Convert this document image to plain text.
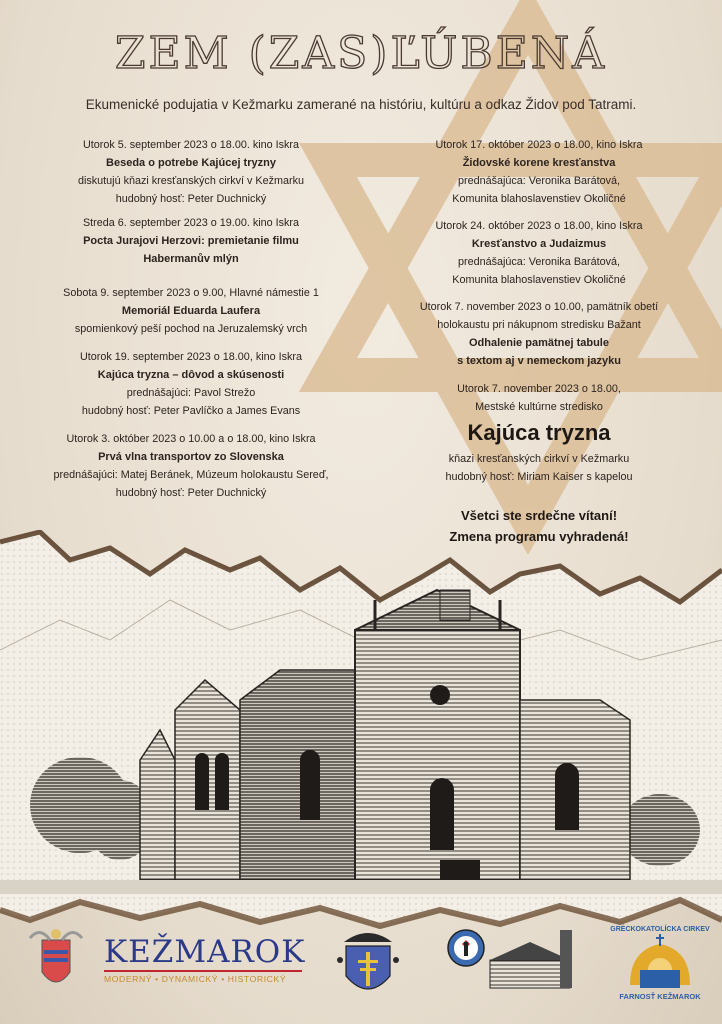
ZEM (ZAS)ĽÚBENÁ
Ekumenické podujatia v Kežmarku zamerané na históriu, kultúru a odkaz Židov pod Tatrami.
Utorok 5. september 2023 o 18.00. kino Iskra
Beseda o potrebe Kajúcej tryzny
diskutujú kňazi kresťanských cirkví v Kežmarku
hudobný hosť: Peter Duchnický
Streda 6. september 2023 o 19.00. kino Iskra
Pocta Jurajovi Herzovi: premietanie filmu
Habermanův mlýn
Sobota 9. september 2023 o 9.00, Hlavné námestie 1
Memoriál Eduarda Laufera
spomienkový peší pochod na Jeruzalemský vrch
Utorok 19. september 2023 o 18.00, kino Iskra
Kajúca tryzna – dôvod a skúsenosti
prednášajúci: Pavol Strežo
hudobný hosť: Peter Pavlíčko a James Evans
Utorok 3. október 2023 o 10.00 a o 18.00, kino Iskra
Prvá vlna transportov zo Slovenska
prednášajúci: Matej Beránek, Múzeum holokaustu Sereď,
hudobný hosť: Peter Duchnický
Utorok 17. október 2023 o 18.00, kino Iskra
Židovské korene kresťanstva
prednášajúca: Veronika Barátová,
Komunita blahoslavenstiev Okoličné
Utorok 24. október 2023 o 18.00, kino Iskra
Kresťanstvo a Judaizmus
prednášajúca: Veronika Barátová,
Komunita blahoslavenstiev Okoličné
Utorok 7. november 2023 o 10.00, pamätník obetí
holokaustu pri nákupnom stredisku Bažant
Odhalenie pamätnej tabule
s textom aj v nemeckom jazyku
Utorok 7. november 2023 o 18.00,
Mestské kultúrne stredisko
Kajúca tryzna
kňazi kresťanských cirkví v Kežmarku
hudobný hosť: Miriam Kaiser s kapelou
Všetci ste srdečne vítaní!
Zmena programu vyhradená!
KEŽMAROK
MODERNÝ • DYNAMICKÝ • HISTORICKÝ
GRÉCKOKATOLÍCKA CIRKEV
FARNOSŤ KEŽMAROK
